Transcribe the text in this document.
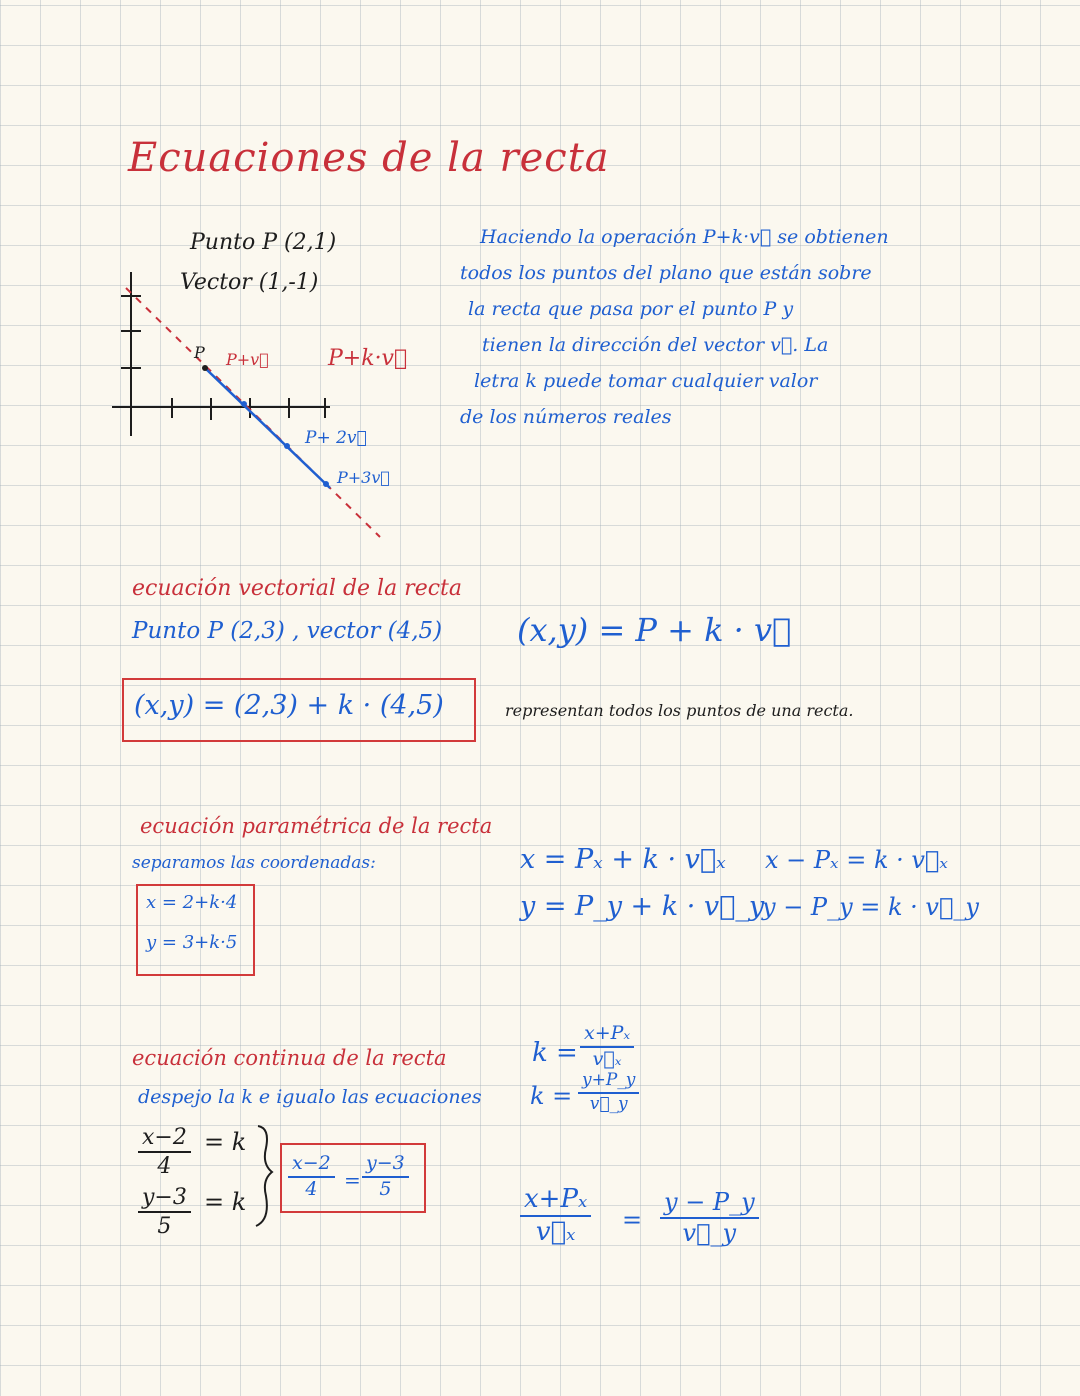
Ecuaciones de la recta
Punto P (2,1)
Vector (1,-1)
P P+v⃗	P+k·v⃗
P+ 2v⃗
P+3v⃗
Haciendo la operación P+k·v⃗ se obtienen
todos los puntos del plano que están sobre
la recta que pasa por el punto P y
tienen la dirección del vector v⃗. La
letra k puede tomar cualquier valor
de los números reales
ecuación vectorial de la recta
Punto P (2,3) , vector (4,5) (x,y) = P + k · v⃗
(x,y) = (2,3) + k · (4,5)	representan todos los puntos de una recta.
ecuación paramétrica de la recta
separamos las coordenadas:
x = 2+k·4
y = 3+k·5
x = Pₓ + k · v⃗ₓ
y = P_y + k · v⃗_y
x − Pₓ = k · v⃗ₓ
y − P_y = k · v⃗_y
ecuación continua de la recta
despejo la k e igualo las ecuaciones
$\frac{x-2}{4} = k$
$\frac{y-3}{5} = k$
$\frac{x-2}{4} = \frac{y-3}{5}$
$k = \frac{\text{x+Pₓ}}{\text{v⃗ₓ}}$
$k = \frac{y+P\_y}{v⃗\_y}$
$\frac{\text{x+Pₓ}}{\text{v⃗ₓ}} = \frac{y - P\_y}{v⃗\_y}$
